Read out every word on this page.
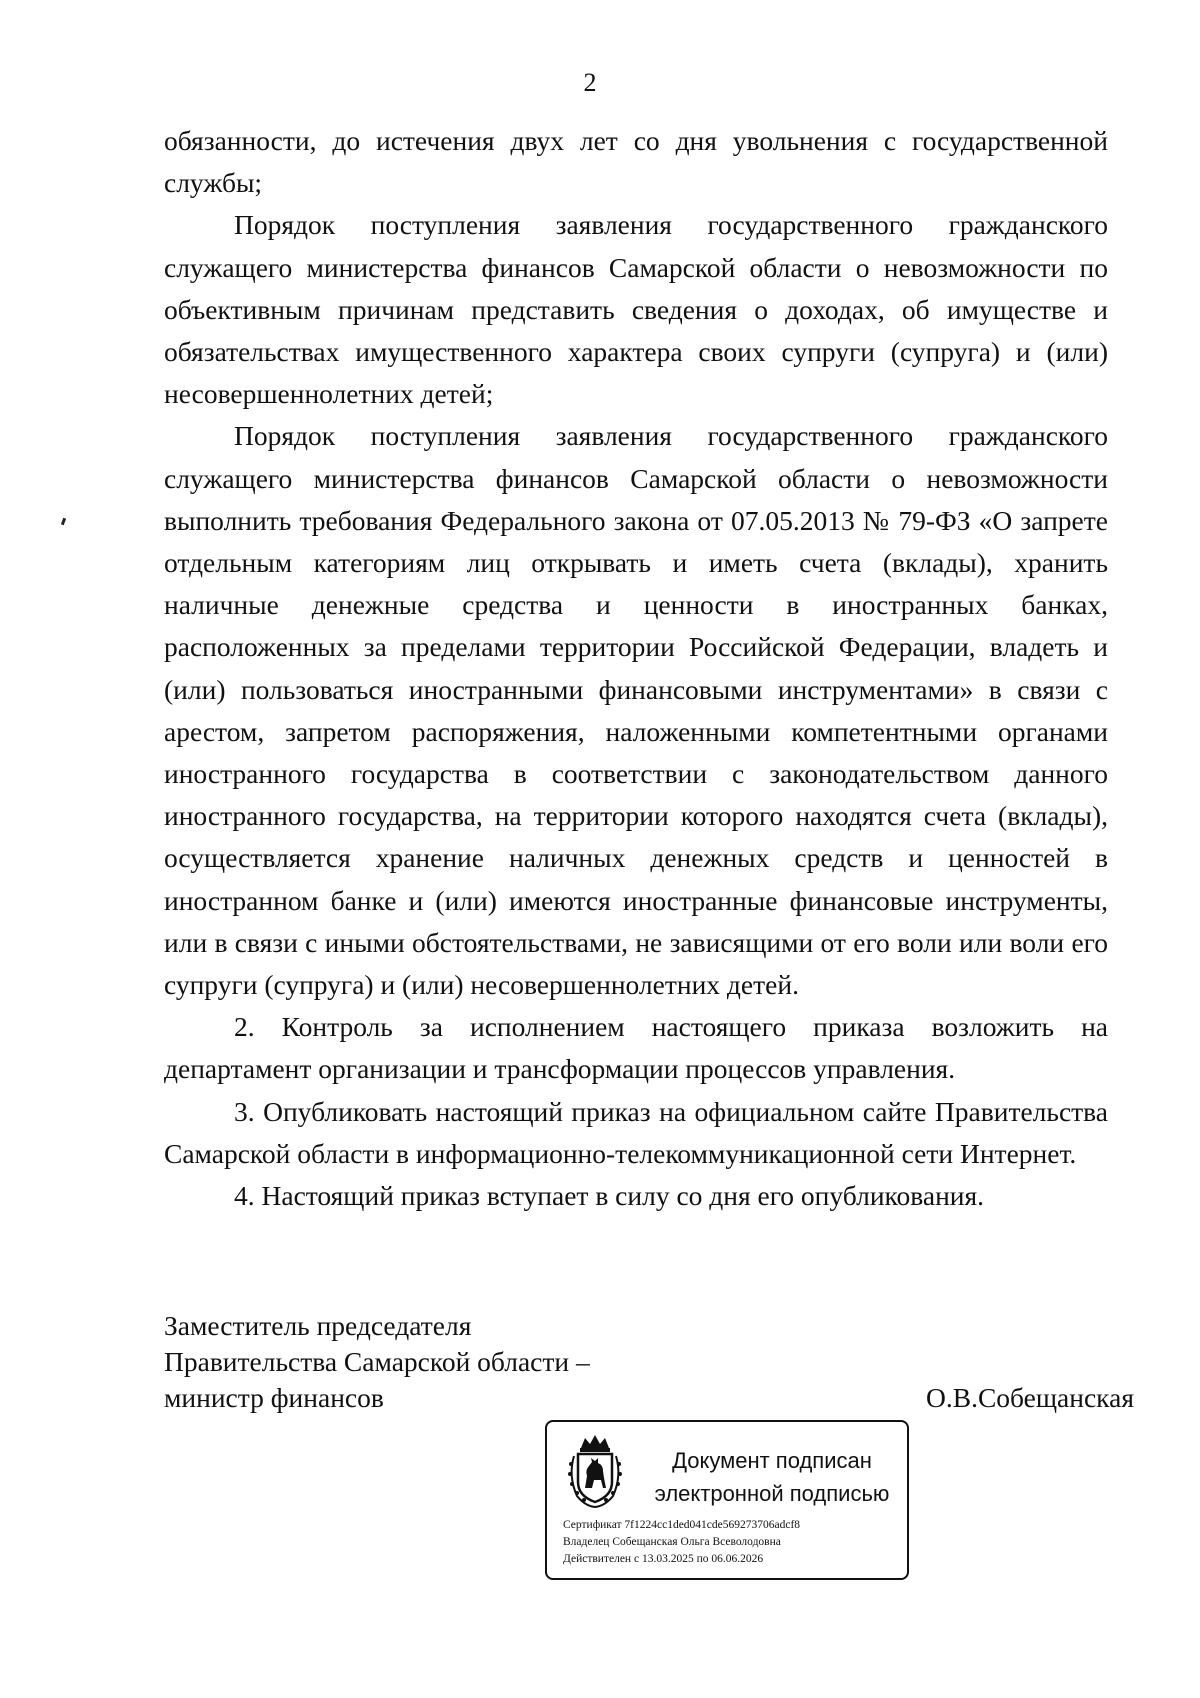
2

обязанности, до истечения двух лет со дня увольнения с государственной службы;

Порядок поступления заявления государственного гражданского служащего министерства финансов Самарской области о невозможности по объективным причинам представить сведения о доходах, об имуществе и обязательствах имущественного характера своих супруги (супруга) и (или) несовершеннолетних детей;

Порядок поступления заявления государственного гражданского служащего министерства финансов Самарской области о невозможности выполнить требования Федерального закона от 07.05.2013 № 79-ФЗ «О запрете отдельным категориям лиц открывать и иметь счета (вклады), хранить наличные денежные средства и ценности в иностранных банках, расположенных за пределами территории Российской Федерации, владеть и (или) пользоваться иностранными финансовыми инструментами» в связи с арестом, запретом распоряжения, наложенными компетентными органами иностранного государства в соответствии с законодательством данного иностранного государства, на территории которого находятся счета (вклады), осуществляется хранение наличных денежных средств и ценностей в иностранном банке и (или) имеются иностранные финансовые инструменты, или в связи с иными обстоятельствами, не зависящими от его воли или воли его супруги (супруга) и (или) несовершеннолетних детей.

2. Контроль за исполнением настоящего приказа возложить на департамент организации и трансформации процессов управления.

3. Опубликовать настоящий приказ на официальном сайте Правительства Самарской области в информационно-телекоммуникационной сети Интернет.

4. Настоящий приказ вступает в силу со дня его опубликования.

Заместитель председателя
Правительства Самарской области –
министр финансов	О.В.Собещанская
Документ подписан
электронной подписью
Сертификат 7f1224cc1ded041cde569273706adcf8
Владелец Собещанская Ольга Всеволодовна
Действителен с 13.03.2025 по 06.06.2026
